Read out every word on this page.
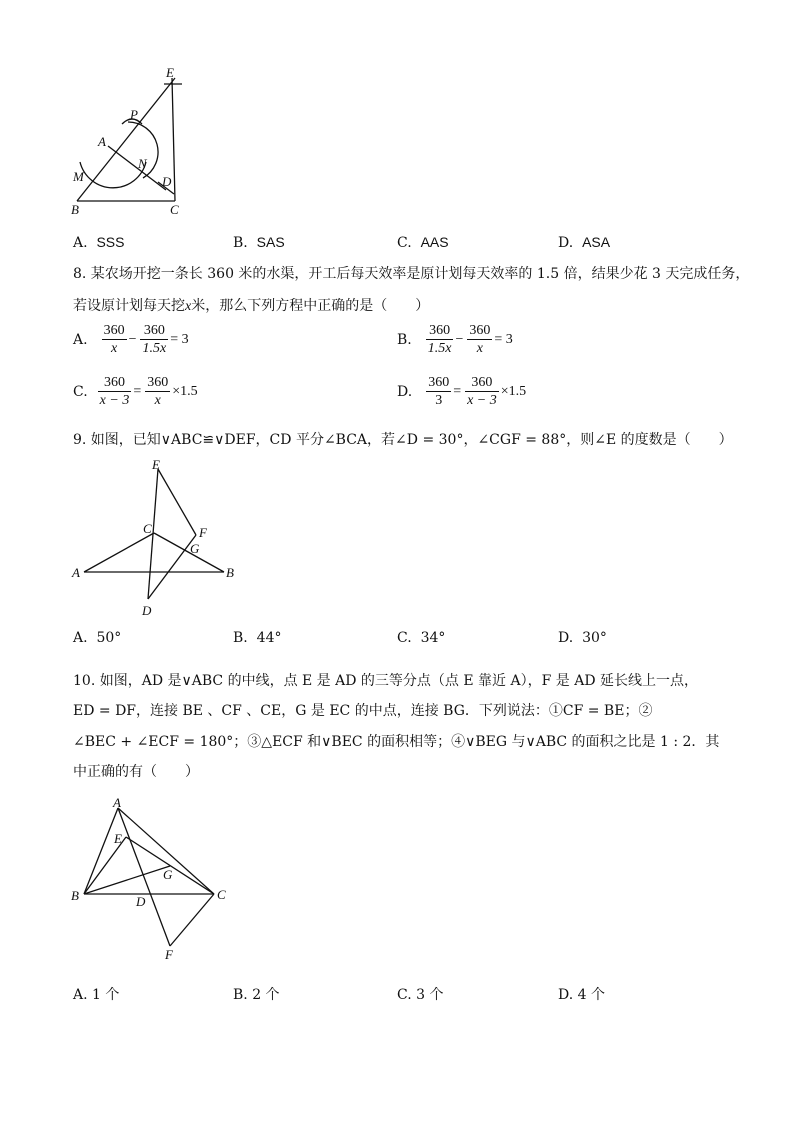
E
P
A
N
M	D
B	C
A. SSS	B. SAS	C. AAS	D. ASA
8. 某农场开挖一条长 360 米的水渠，开工后每天效率是原计划每天效率的 1.5 倍，结果少花 3 天完成任务，
若设原计划每天挖x米，那么下列方程中正确的是（　　）
A. $\frac{360}{x} - \frac{360}{1.5x} = 3$	B. $\frac{360}{1.5x} - \frac{360}{x} = 3$
C. $\frac{360}{x - 3} = \frac{360}{x} \times 1.5$	D. $\frac{360}{3} = \frac{360}{x - 3} \times 1.5$
9. 如图，已知∨ABC≌∨DEF，CD 平分∠BCA，若∠D = 30°，∠CGF = 88°，则∠E 的度数是（　　）
E
C	F
G
A	B
D
A. 50°	B. 44°	C. 34°	D. 30°
10. 如图，AD 是∨ABC 的中线，点 E 是 AD 的三等分点（点 E 靠近 A），F 是 AD 延长线上一点，
ED = DF，连接 BE 、CF 、CE，G 是 EC 的中点，连接 BG．下列说法：①CF = BE；②
∠BEC + ∠ECF = 180°；③△ECF 和∨BEC 的面积相等；④∨BEG 与∨ABC 的面积之比是 1 : 2．其
中正确的有（　　）
A
E
G
B	D	C
F
A. 1 个	B. 2 个	C. 3 个	D. 4 个
